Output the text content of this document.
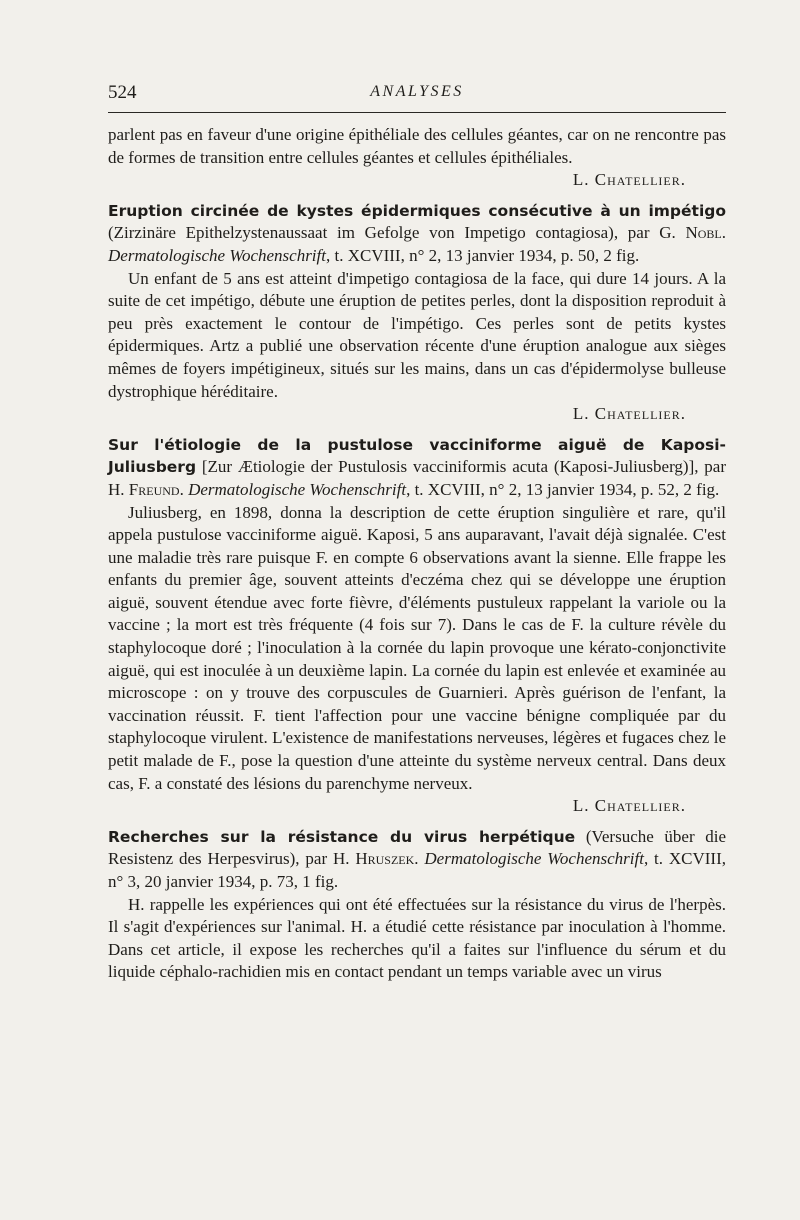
524	ANALYSES

parlent pas en faveur d'une origine épithéliale des cellules géantes, car on ne rencontre pas de formes de transition entre cellules géantes et cellules épithéliales.

L. Chatellier.

Eruption circinée de kystes épidermiques consécutive à un impétigo (Zirzinäre Epithelzystenaussaat im Gefolge von Impetigo contagiosa), par G. Nobl. Dermatologische Wochenschrift, t. XCVIII, n° 2, 13 janvier 1934, p. 50, 2 fig.

Un enfant de 5 ans est atteint d'impetigo contagiosa de la face, qui dure 14 jours. A la suite de cet impétigo, débute une éruption de petites perles, dont la disposition reproduit à peu près exactement le contour de l'impétigo. Ces perles sont de petits kystes épidermiques. Artz a publié une observation récente d'une éruption analogue aux sièges mêmes de foyers impétigineux, situés sur les mains, dans un cas d'épidermolyse bulleuse dystrophique héréditaire.

L. Chatellier.

Sur l'étiologie de la pustulose vacciniforme aiguë de Kaposi-Juliusberg [Zur Ætiologie der Pustulosis vacciniformis acuta (Kaposi-Juliusberg)], par H. Freund. Dermatologische Wochenschrift, t. XCVIII, n° 2, 13 janvier 1934, p. 52, 2 fig.

Juliusberg, en 1898, donna la description de cette éruption singulière et rare, qu'il appela pustulose vacciniforme aiguë. Kaposi, 5 ans auparavant, l'avait déjà signalée. C'est une maladie très rare puisque F. en compte 6 observations avant la sienne. Elle frappe les enfants du premier âge, souvent atteints d'eczéma chez qui se développe une éruption aiguë, souvent étendue avec forte fièvre, d'éléments pustuleux rappelant la variole ou la vaccine ; la mort est très fréquente (4 fois sur 7). Dans le cas de F. la culture révèle du staphylocoque doré ; l'inoculation à la cornée du lapin provoque une kérato-conjonctivite aiguë, qui est inoculée à un deuxième lapin. La cornée du lapin est enlevée et examinée au microscope : on y trouve des corpuscules de Guarnieri. Après guérison de l'enfant, la vaccination réussit. F. tient l'affection pour une vaccine bénigne compliquée par du staphylocoque virulent. L'existence de manifestations nerveuses, légères et fugaces chez le petit malade de F., pose la question d'une atteinte du système nerveux central. Dans deux cas, F. a constaté des lésions du parenchyme nerveux.

L. Chatellier.

Recherches sur la résistance du virus herpétique (Versuche über die Resistenz des Herpesvirus), par H. Hruszek. Dermatologische Wochenschrift, t. XCVIII, n° 3, 20 janvier 1934, p. 73, 1 fig.

H. rappelle les expériences qui ont été effectuées sur la résistance du virus de l'herpès. Il s'agit d'expériences sur l'animal. H. a étudié cette résistance par inoculation à l'homme. Dans cet article, il expose les recherches qu'il a faites sur l'influence du sérum et du liquide céphalo-rachidien mis en contact pendant un temps variable avec un virus
